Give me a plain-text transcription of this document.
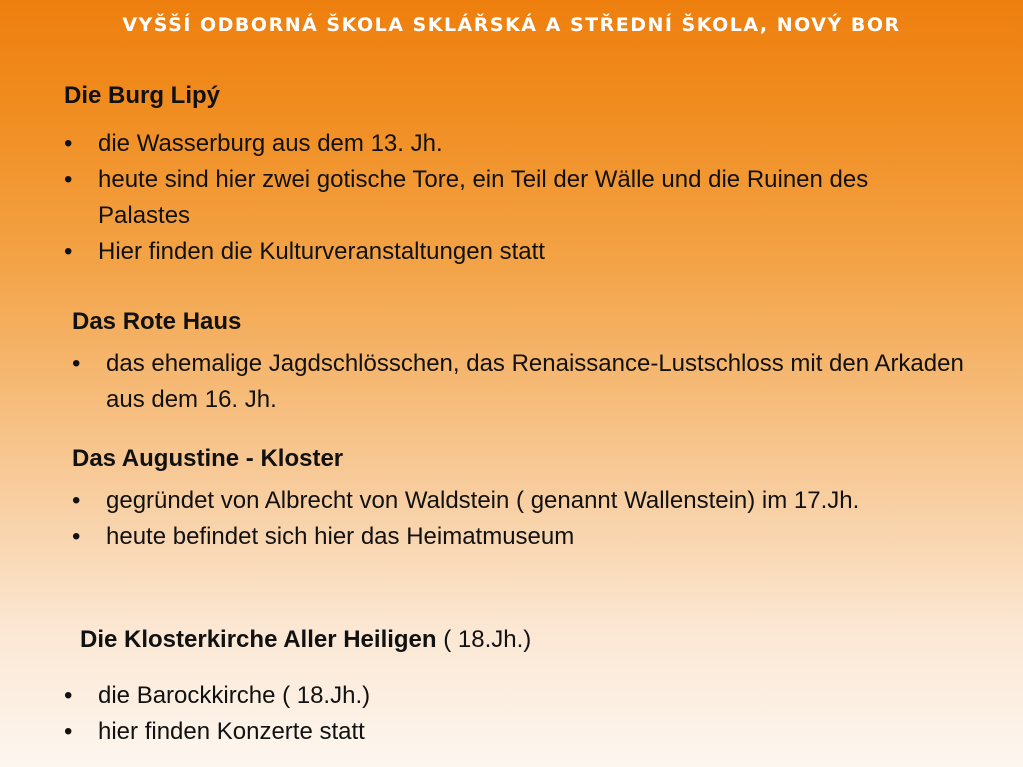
VYŠŠÍ ODBORNÁ ŠKOLA SKLÁŘSKÁ A STŘEDNÍ ŠKOLA, NOVÝ BOR
Die Burg Lipý
• die Wasserburg aus dem 13. Jh.
• heute sind hier zwei gotische Tore, ein Teil der Wälle und die Ruinen des Palastes
• Hier finden die Kulturveranstaltungen statt
Das Rote Haus
• das ehemalige Jagdschlösschen, das Renaissance-Lustschloss mit den Arkaden aus dem 16. Jh.
Das Augustine - Kloster
• gegründet von Albrecht von Waldstein ( genannt Wallenstein) im 17.Jh.
• heute befindet sich hier das Heimatmuseum
Die Klosterkirche Aller Heiligen ( 18.Jh.)
• die Barockkirche ( 18.Jh.)
• hier finden Konzerte statt
